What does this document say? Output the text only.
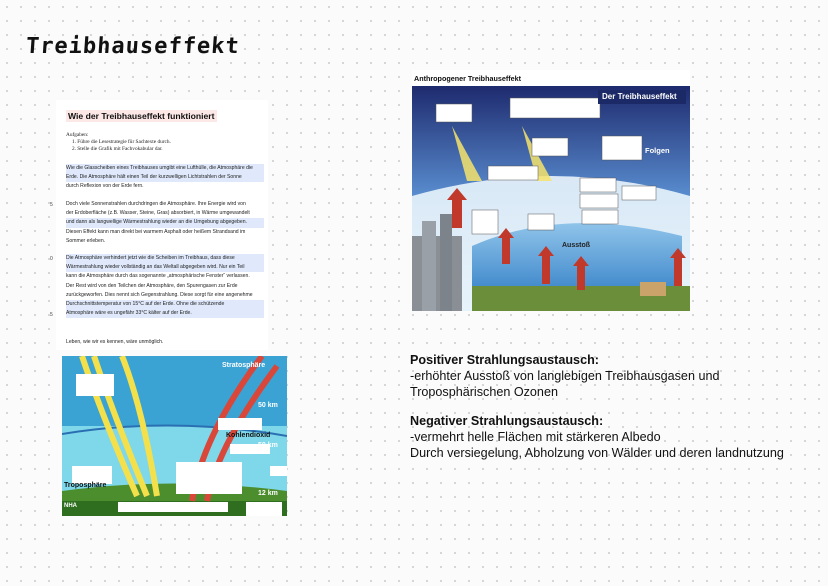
Treibhauseffekt
Wie der Treibhauseffekt funktioniert
Aufgaben:
1. Führe die Lesestrategie für Sachtexte durch.
2. Stelle die Grafik mit Fachvokabular dar.
Wie die Glasscheiben eines Treibhauses umgibt eine Lufthülle, die Atmosphäre die
Erde. Die Atmosphäre hält einen Teil der kurzwelligen Lichtstrahlen der Sonne
durch Reflexion von der Erde fern.
Doch viele Sonnenstrahlen durchdringen die Atmosphäre. Ihre Energie wird von
der Erdoberfläche (z.B. Wasser, Steine, Gras) absorbiert, in Wärme umgewandelt
und dann als langwellige Wärmestrahlung wieder an die Umgebung abgegeben.
Diesen Effekt kann man direkt bei warmem Asphalt oder heißem Strandsand im
Sommer erleben.
Die Atmosphäre verhindert jetzt wie die Scheiben im Treibhaus, dass diese
Wärmestrahlung wieder vollständig an das Weltall abgegeben wird. Nur ein Teil
kann die Atmosphäre durch das sogenannte „atmosphärische Fenster“ verlassen.
Der Rest wird von den Teilchen der Atmosphäre, den Spurengasen zur Erde
zurückgeworfen. Dies nennt sich Gegenstrahlung. Diese sorgt für eine angenehme
Durchschnittstemperatur von 15°C auf der Erde. Ohne die schützende
Atmosphäre wäre es ungefähr 33°C kälter auf der Erde.
Leben, wie wir es kennen, wäre unmöglich.
5
0
5
Anthropogener Treibhauseffekt
Der Treibhauseffekt
Folgen
Ausstoß
Stratosphäre
Troposphäre
Kohlendioxid
50 km
50 km
12 km
NHA
Positiver Strahlungsaustausch:
-erhöhter Ausstoß von langlebigen Treibhausgasen und
Troposphärischen Ozonen
Negativer Strahlungsaustausch:
-vermehrt helle Flächen mit stärkeren Albedo
Durch versiegelung, Abholzung von Wälder und deren landnutzung
